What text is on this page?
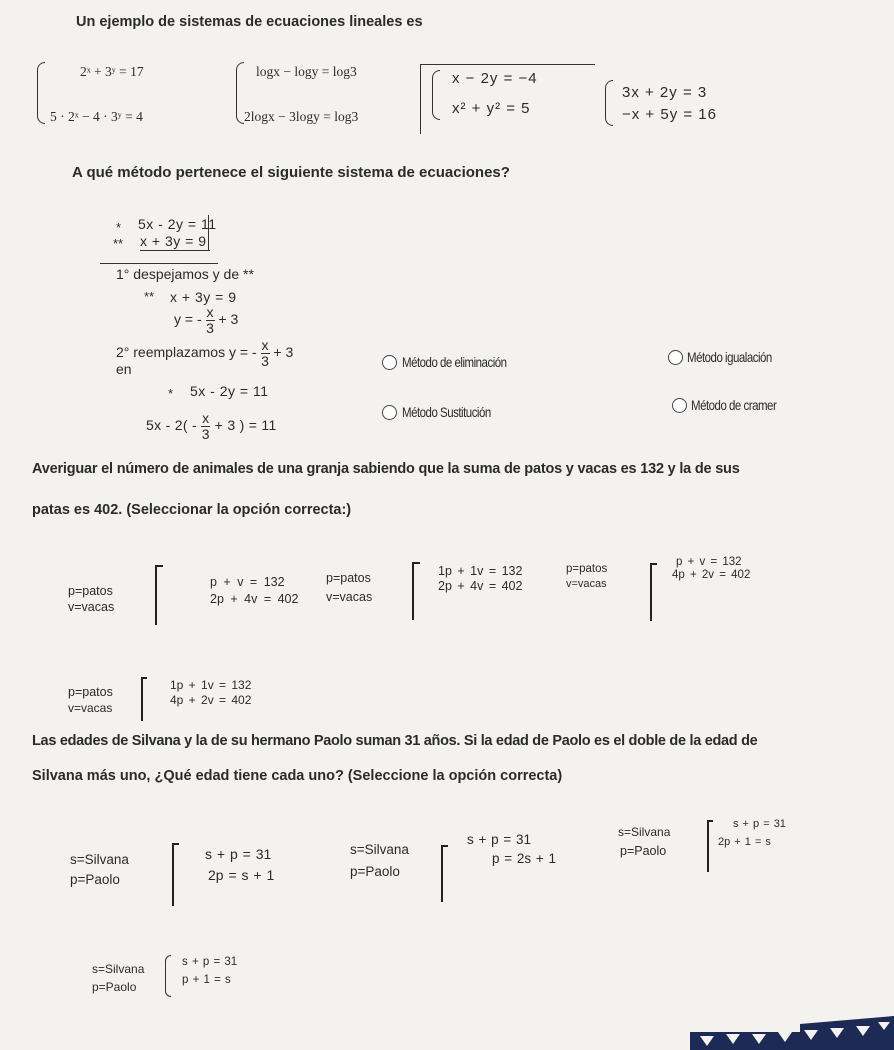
Un ejemplo de sistemas de ecuaciones lineales es
2ˣ + 3ʸ = 17
5 · 2ˣ − 4 · 3ʸ = 4
logx − logy = log3
2logx − 3logy = log3
x − 2y = −4
x² + y² = 5
3x + 2y = 3
−x + 5y = 16
A qué método pertenece el siguiente sistema de ecuaciones?
* 5x - 2y = 11
** x + 3y = 9
1° despejamos y de **
** x + 3y = 9
y = - $\frac{x}{3} + 3$
2° reemplazamos y = - $\frac{x}{3} + 3$
en
* 5x - 2y = 11
$5x - 2( - \frac{x}{3} + 3$ ) = 11
Método de eliminación	Método igualación
Método Sustitución	Método de cramer
Averiguar el número de animales de una granja sabiendo que la suma de patos y vacas es 132 y la de sus
patas es 402. (Seleccionar la opción correcta:)
p=patos
v=vacas
p + v = 132
2p + 4v = 402
p=patos
v=vacas
1p + 1v = 132
2p + 4v = 402
p=patos
v=vacas
p + v = 132
4p + 2v = 402
p=patos
v=vacas
1p + 1v = 132
4p + 2v = 402
Las edades de Silvana y la de su hermano Paolo suman 31 años. Si la edad de Paolo es el doble de la edad de
Silvana más uno, ¿Qué edad tiene cada uno? (Seleccione la opción correcta)
s=Silvana
p=Paolo
s + p = 31
2p = s + 1
s=Silvana
p=Paolo
s + p = 31
p = 2s + 1
s=Silvana
p=Paolo
s + p = 31
2p + 1 = s
s=Silvana
p=Paolo
s + p = 31
p + 1 = s
